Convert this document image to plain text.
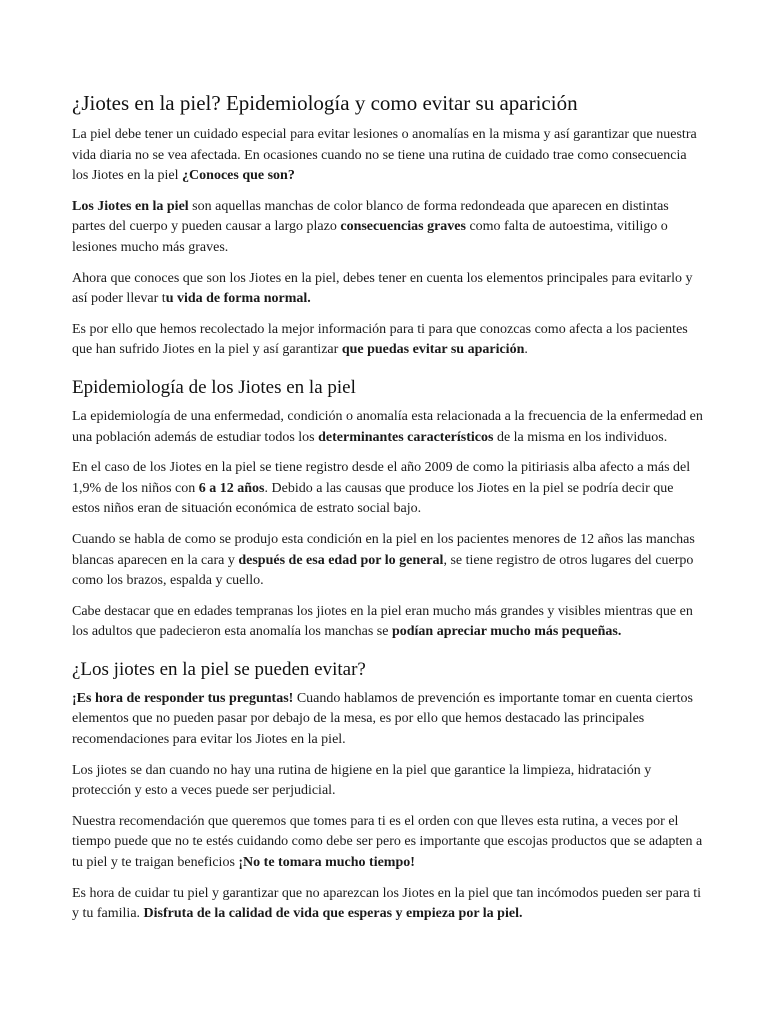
¿Jiotes en la piel? Epidemiología y como evitar su aparición

La piel debe tener un cuidado especial para evitar lesiones o anomalías en la misma y así garantizar que nuestra vida diaria no se vea afectada. En ocasiones cuando no se tiene una rutina de cuidado trae como consecuencia los Jiotes en la piel ¿Conoces que son?

Los Jiotes en la piel son aquellas manchas de color blanco de forma redondeada que aparecen en distintas partes del cuerpo y pueden causar a largo plazo consecuencias graves como falta de autoestima, vitiligo o lesiones mucho más graves.

Ahora que conoces que son los Jiotes en la piel, debes tener en cuenta los elementos principales para evitarlo y así poder llevar tu vida de forma normal.

Es por ello que hemos recolectado la mejor información para ti para que conozcas como afecta a los pacientes que han sufrido Jiotes en la piel y así garantizar que puedas evitar su aparición.

Epidemiología de los Jiotes en la piel

La epidemiología de una enfermedad, condición o anomalía esta relacionada a la frecuencia de la enfermedad en una población además de estudiar todos los determinantes característicos de la misma en los individuos.

En el caso de los Jiotes en la piel se tiene registro desde el año 2009 de como la pitiriasis alba afecto a más del 1,9% de los niños con 6 a 12 años. Debido a las causas que produce los Jiotes en la piel se podría decir que estos niños eran de situación económica de estrato social bajo.

Cuando se habla de como se produjo esta condición en la piel en los pacientes menores de 12 años las manchas blancas aparecen en la cara y después de esa edad por lo general, se tiene registro de otros lugares del cuerpo como los brazos, espalda y cuello.

Cabe destacar que en edades tempranas los jiotes en la piel eran mucho más grandes y visibles mientras que en los adultos que padecieron esta anomalía los manchas se podían apreciar mucho más pequeñas.

¿Los jiotes en la piel se pueden evitar?

¡Es hora de responder tus preguntas! Cuando hablamos de prevención es importante tomar en cuenta ciertos elementos que no pueden pasar por debajo de la mesa, es por ello que hemos destacado las principales recomendaciones para evitar los Jiotes en la piel.

Los jiotes se dan cuando no hay una rutina de higiene en la piel que garantice la limpieza, hidratación y protección y esto a veces puede ser perjudicial.

Nuestra recomendación que queremos que tomes para ti es el orden con que lleves esta rutina, a veces por el tiempo puede que no te estés cuidando como debe ser pero es importante que escojas productos que se adapten a tu piel y te traigan beneficios ¡No te tomara mucho tiempo!

Es hora de cuidar tu piel y garantizar que no aparezcan los Jiotes en la piel que tan incómodos pueden ser para ti y tu familia. Disfruta de la calidad de vida que esperas y empieza por la piel.
